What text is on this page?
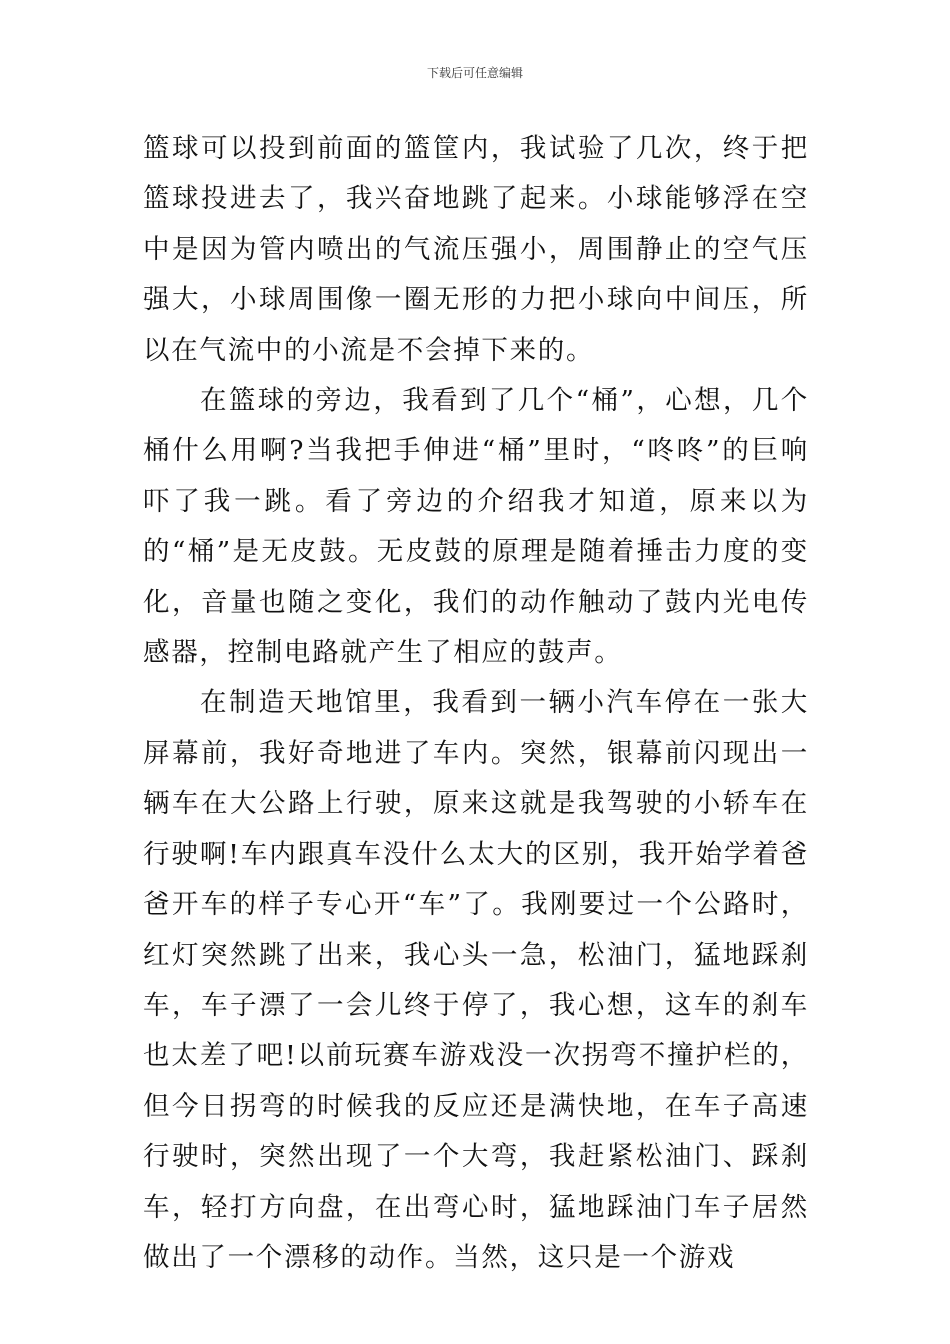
下载后可任意编辑

篮球可以投到前面的篮筐内，我试验了几次，终于把篮球投进去了，我兴奋地跳了起来。小球能够浮在空中是因为管内喷出的气流压强小，周围静止的空气压强大，小球周围像一圈无形的力把小球向中间压，所以在气流中的小流是不会掉下来的。

在篮球的旁边，我看到了几个“桶”，心想，几个桶什么用啊?当我把手伸进“桶”里时，“咚咚”的巨响吓了我一跳。看了旁边的介绍我才知道，原来以为的“桶”是无皮鼓。无皮鼓的原理是随着捶击力度的变化，音量也随之变化，我们的动作触动了鼓内光电传感器，控制电路就产生了相应的鼓声。

在制造天地馆里，我看到一辆小汽车停在一张大屏幕前，我好奇地进了车内。突然，银幕前闪现出一辆车在大公路上行驶，原来这就是我驾驶的小轿车在行驶啊!车内跟真车没什么太大的区别，我开始学着爸爸开车的样子专心开“车”了。我刚要过一个公路时，红灯突然跳了出来，我心头一急，松油门，猛地踩刹车，车子漂了一会儿终于停了，我心想，这车的刹车也太差了吧!以前玩赛车游戏没一次拐弯不撞护栏的，但今日拐弯的时候我的反应还是满快地，在车子高速行驶时，突然出现了一个大弯，我赶紧松油门、踩刹车，轻打方向盘，在出弯心时，猛地踩油门车子居然做出了一个漂移的动作。当然，这只是一个游戏
